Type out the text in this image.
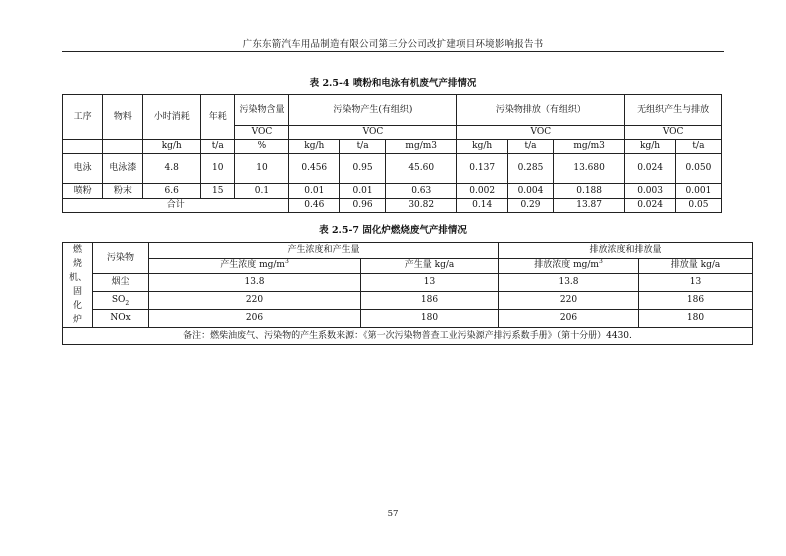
广东东箭汽车用品制造有限公司第三分公司改扩建项目环境影响报告书
表 2.5-4 喷粉和电泳有机废气产排情况
工序	物料	小时消耗	年耗	污染物含量	污染物产生(有组织)			污染物排放（有组织）			无组织产生与排放	
				VOC	VOC			VOC			VOC	
		kg/h	t/a	%	kg/h	t/a	mg/m3	kg/h	t/a	mg/m3	kg/h	t/a
电泳	电泳漆	4.8	10	10	0.456	0.95	45.60	0.137	0.285	13.680	0.024	0.050
喷粉	粉末	6.6	15	0.1	0.01	0.01	0.63	0.002	0.004	0.188	0.003	0.001
合计					0.46	0.96	30.82	0.14	0.29	13.87	0.024	0.05
表 2.5-7 固化炉燃烧废气产排情况
燃烧机、固化炉	污染物	产生浓度和产生量		排放浓度和排放量	
		产生浓度 $mg/m^3$	产生量 kg/a	排放浓度 $mg/m^3$	排放量 kg/a
	烟尘	13.8	13	13.8	13
	$SO_2$	220	186	220	186
	NOx	206	180	206	180
备注：燃柴油废气、污染物的产生系数来源：《第一次污染物普查工业污染源产排污系数手册》（第十分册）4430.					
57
